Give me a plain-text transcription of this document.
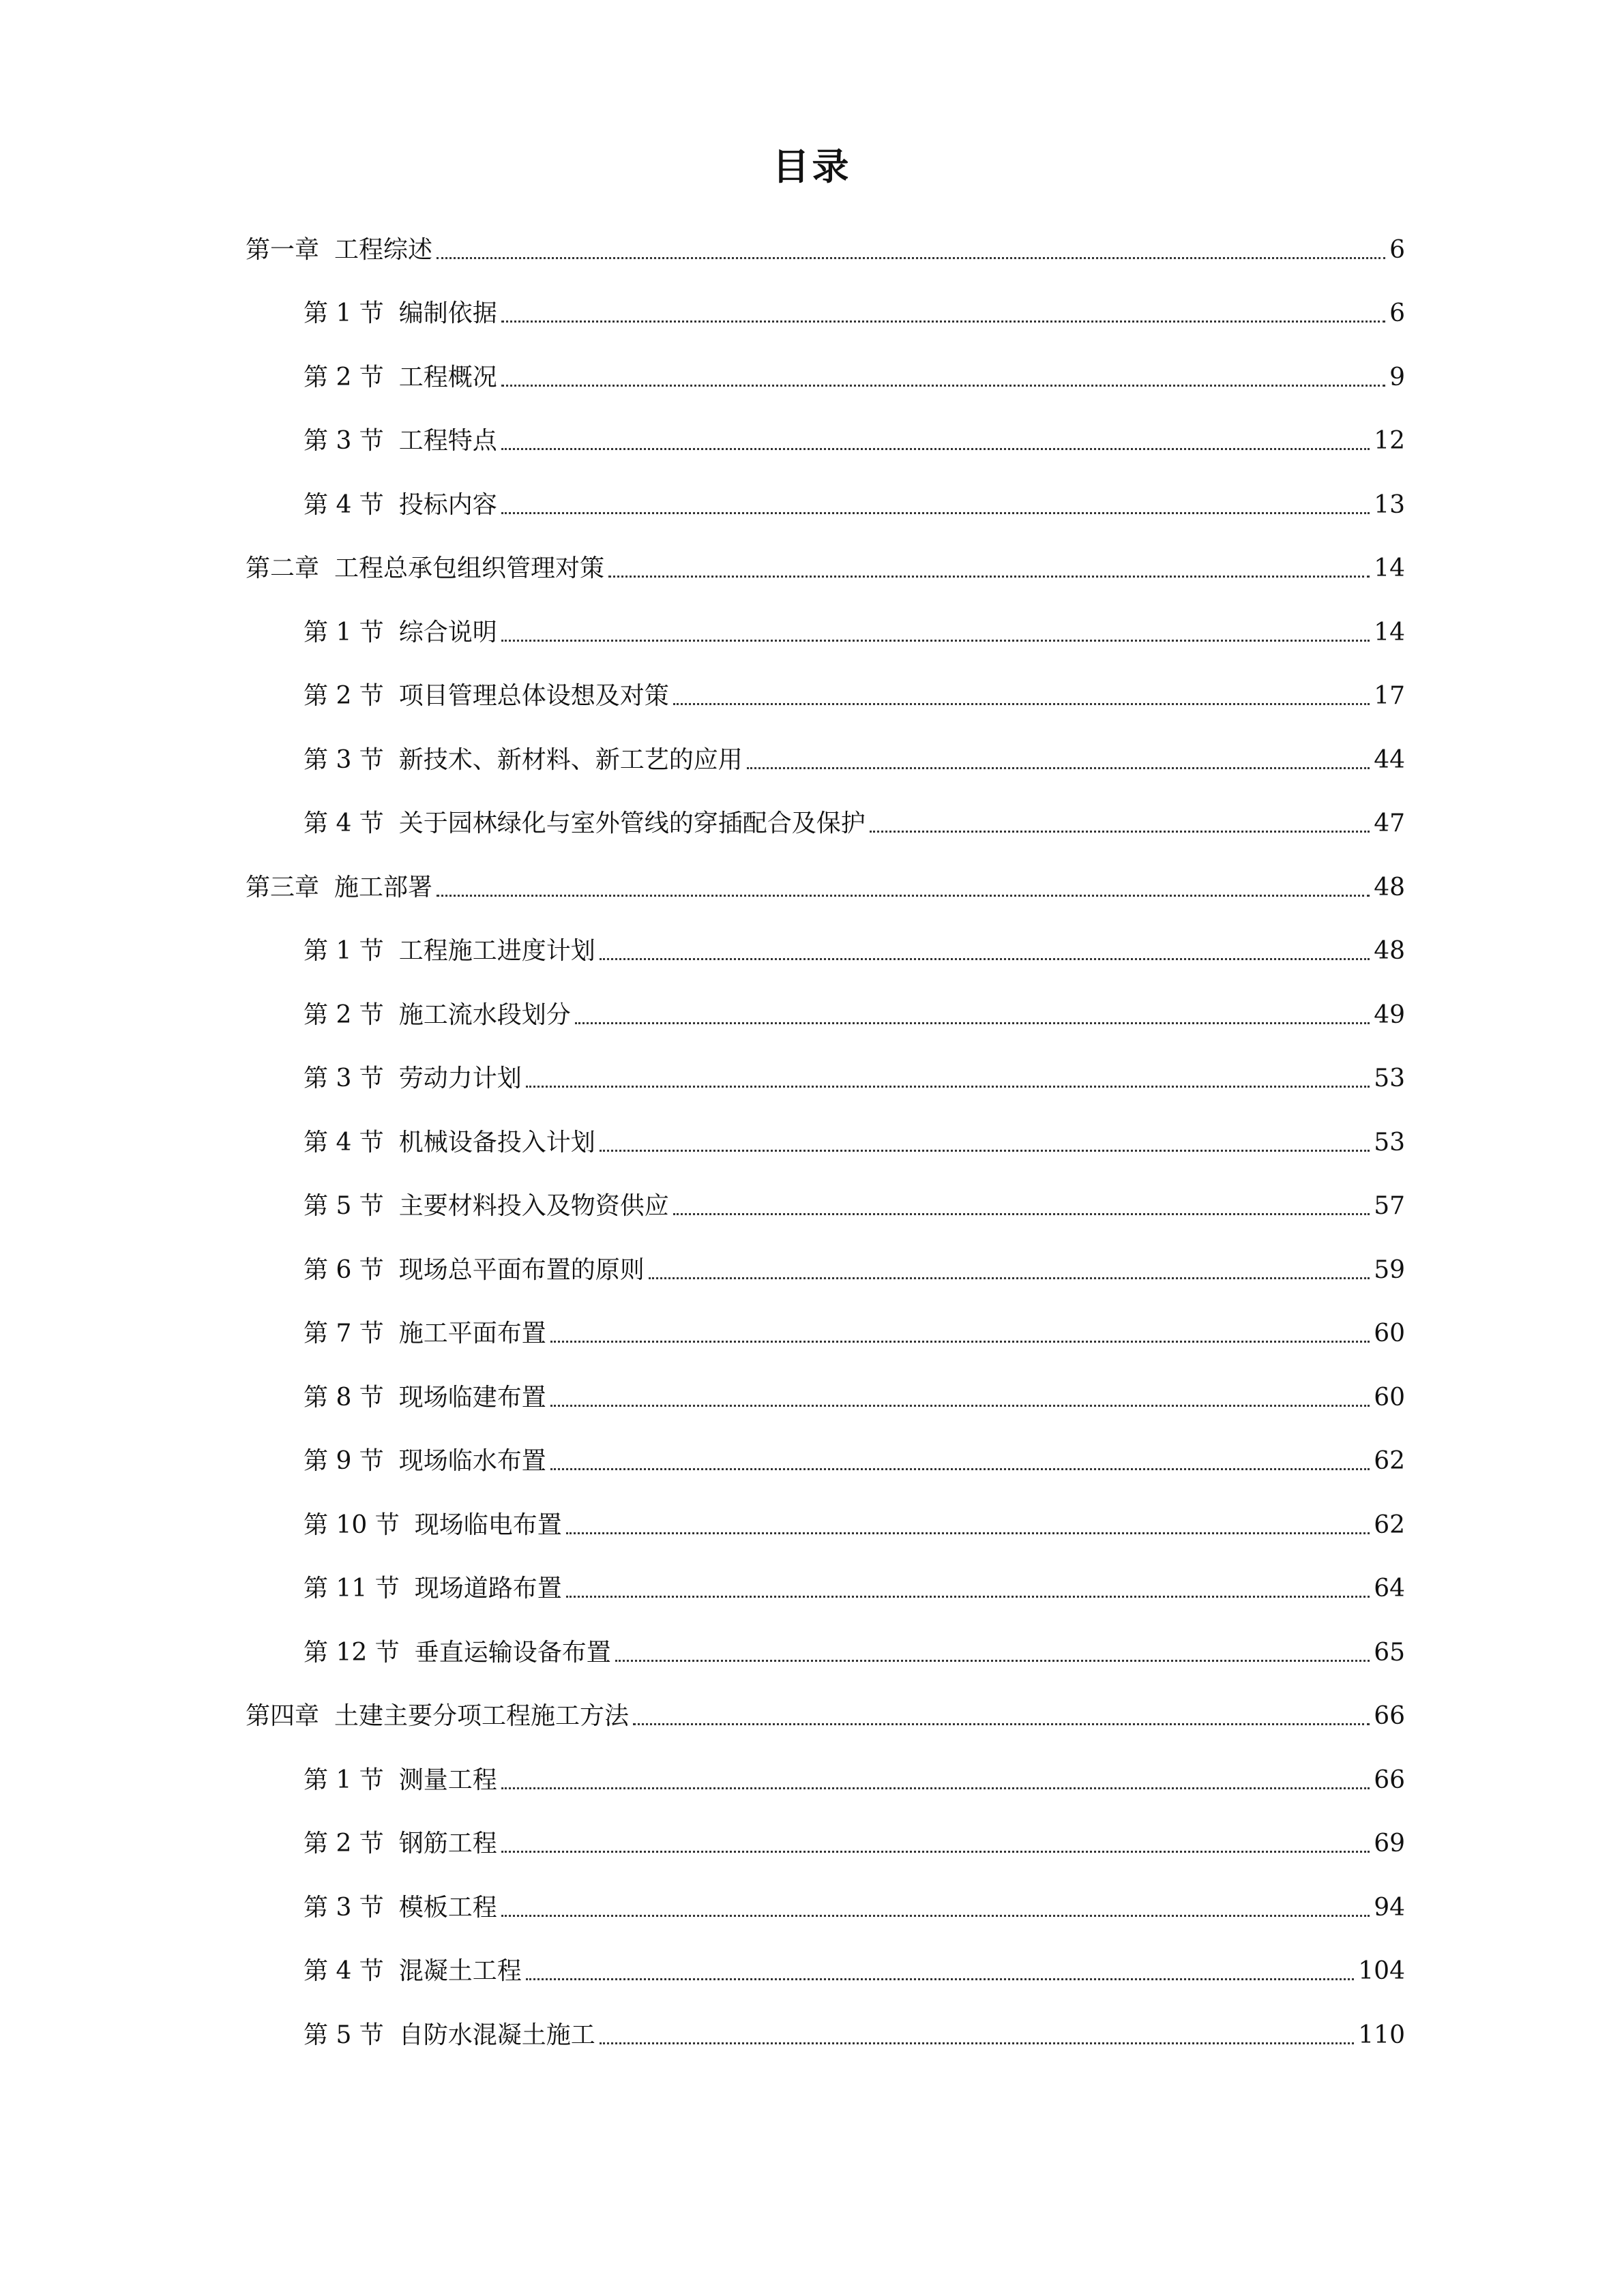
目录
第一章 工程综述	6
第 1 节 编制依据	6
第 2 节 工程概况	9
第 3 节 工程特点	12
第 4 节 投标内容	13
第二章 工程总承包组织管理对策	14
第 1 节 综合说明	14
第 2 节 项目管理总体设想及对策	17
第 3 节 新技术、新材料、新工艺的应用	44
第 4 节 关于园林绿化与室外管线的穿插配合及保护	47
第三章 施工部署	48
第 1 节 工程施工进度计划	48
第 2 节 施工流水段划分	49
第 3 节 劳动力计划	53
第 4 节 机械设备投入计划	53
第 5 节 主要材料投入及物资供应	57
第 6 节 现场总平面布置的原则	59
第 7 节 施工平面布置	60
第 8 节 现场临建布置	60
第 9 节 现场临水布置	62
第 10 节 现场临电布置	62
第 11 节 现场道路布置	64
第 12 节 垂直运输设备布置	65
第四章 土建主要分项工程施工方法	66
第 1 节 测量工程	66
第 2 节 钢筋工程	69
第 3 节 模板工程	94
第 4 节 混凝土工程	104
第 5 节 自防水混凝土施工	110
